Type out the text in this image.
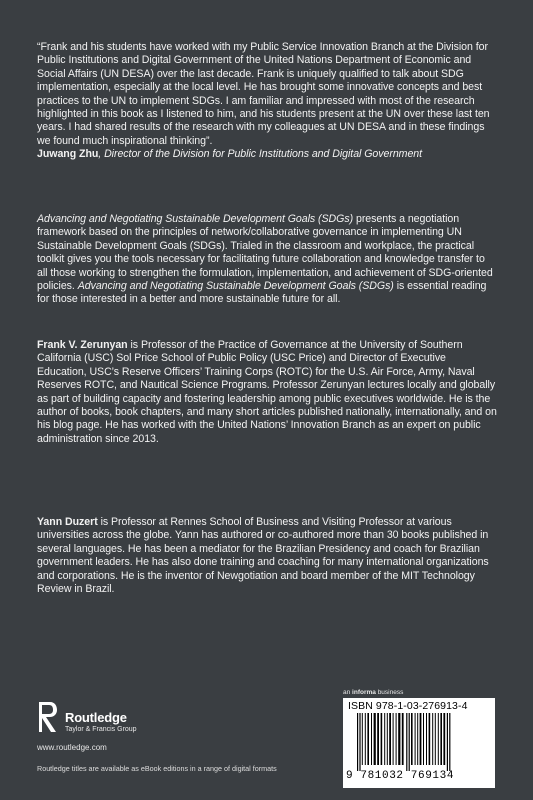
“Frank and his students have worked with my Public Service Innovation Branch at the Division for Public Institutions and Digital Government of the United Nations Department of Economic and Social Affairs (UN DESA) over the last decade. Frank is uniquely qualified to talk about SDG implementation, especially at the local level. He has brought some innovative concepts and best practices to the UN to implement SDGs. I am familiar and impressed with most of the research highlighted in this book as I listened to him, and his students present at the UN over these last ten years. I had shared results of the research with my colleagues at UN DESA and in these findings we found much inspirational thinking”.

Juwang Zhu, Director of the Division for Public Institutions and Digital Government

Advancing and Negotiating Sustainable Development Goals (SDGs) presents a negotiation framework based on the principles of network/collaborative governance in implementing UN Sustainable Development Goals (SDGs). Trialed in the classroom and workplace, the practical toolkit gives you the tools necessary for facilitating future collaboration and knowledge transfer to all those working to strengthen the formulation, implementation, and achievement of SDG-oriented policies. Advancing and Negotiating Sustainable Development Goals (SDGs) is essential reading for those interested in a better and more sustainable future for all.

Frank V. Zerunyan is Professor of the Practice of Governance at the University of Southern California (USC) Sol Price School of Public Policy (USC Price) and Director of Executive Education, USC’s Reserve Officers’ Training Corps (ROTC) for the U.S. Air Force, Army, Naval Reserves ROTC, and Nautical Science Programs. Professor Zerunyan lectures locally and globally as part of building capacity and fostering leadership among public executives worldwide. He is the author of books, book chapters, and many short articles published nationally, internationally, and on his blog page. He has worked with the United Nations’ Innovation Branch as an expert on public administration since 2013.

Yann Duzert is Professor at Rennes School of Business and Visiting Professor at various universities across the globe. Yann has authored or co-authored more than 30 books published in several languages. He has been a mediator for the Brazilian Presidency and coach for Brazilian government leaders. He has also done training and coaching for many international organizations and corporations. He is the inventor of Newgotiation and board member of the MIT Technology Review in Brazil.

Routledge
Taylor & Francis Group
www.routledge.com
Routledge titles are available as eBook editions in a range of digital formats
an informa business
ISBN 978-1-03-276913-4
9 781032 769134
